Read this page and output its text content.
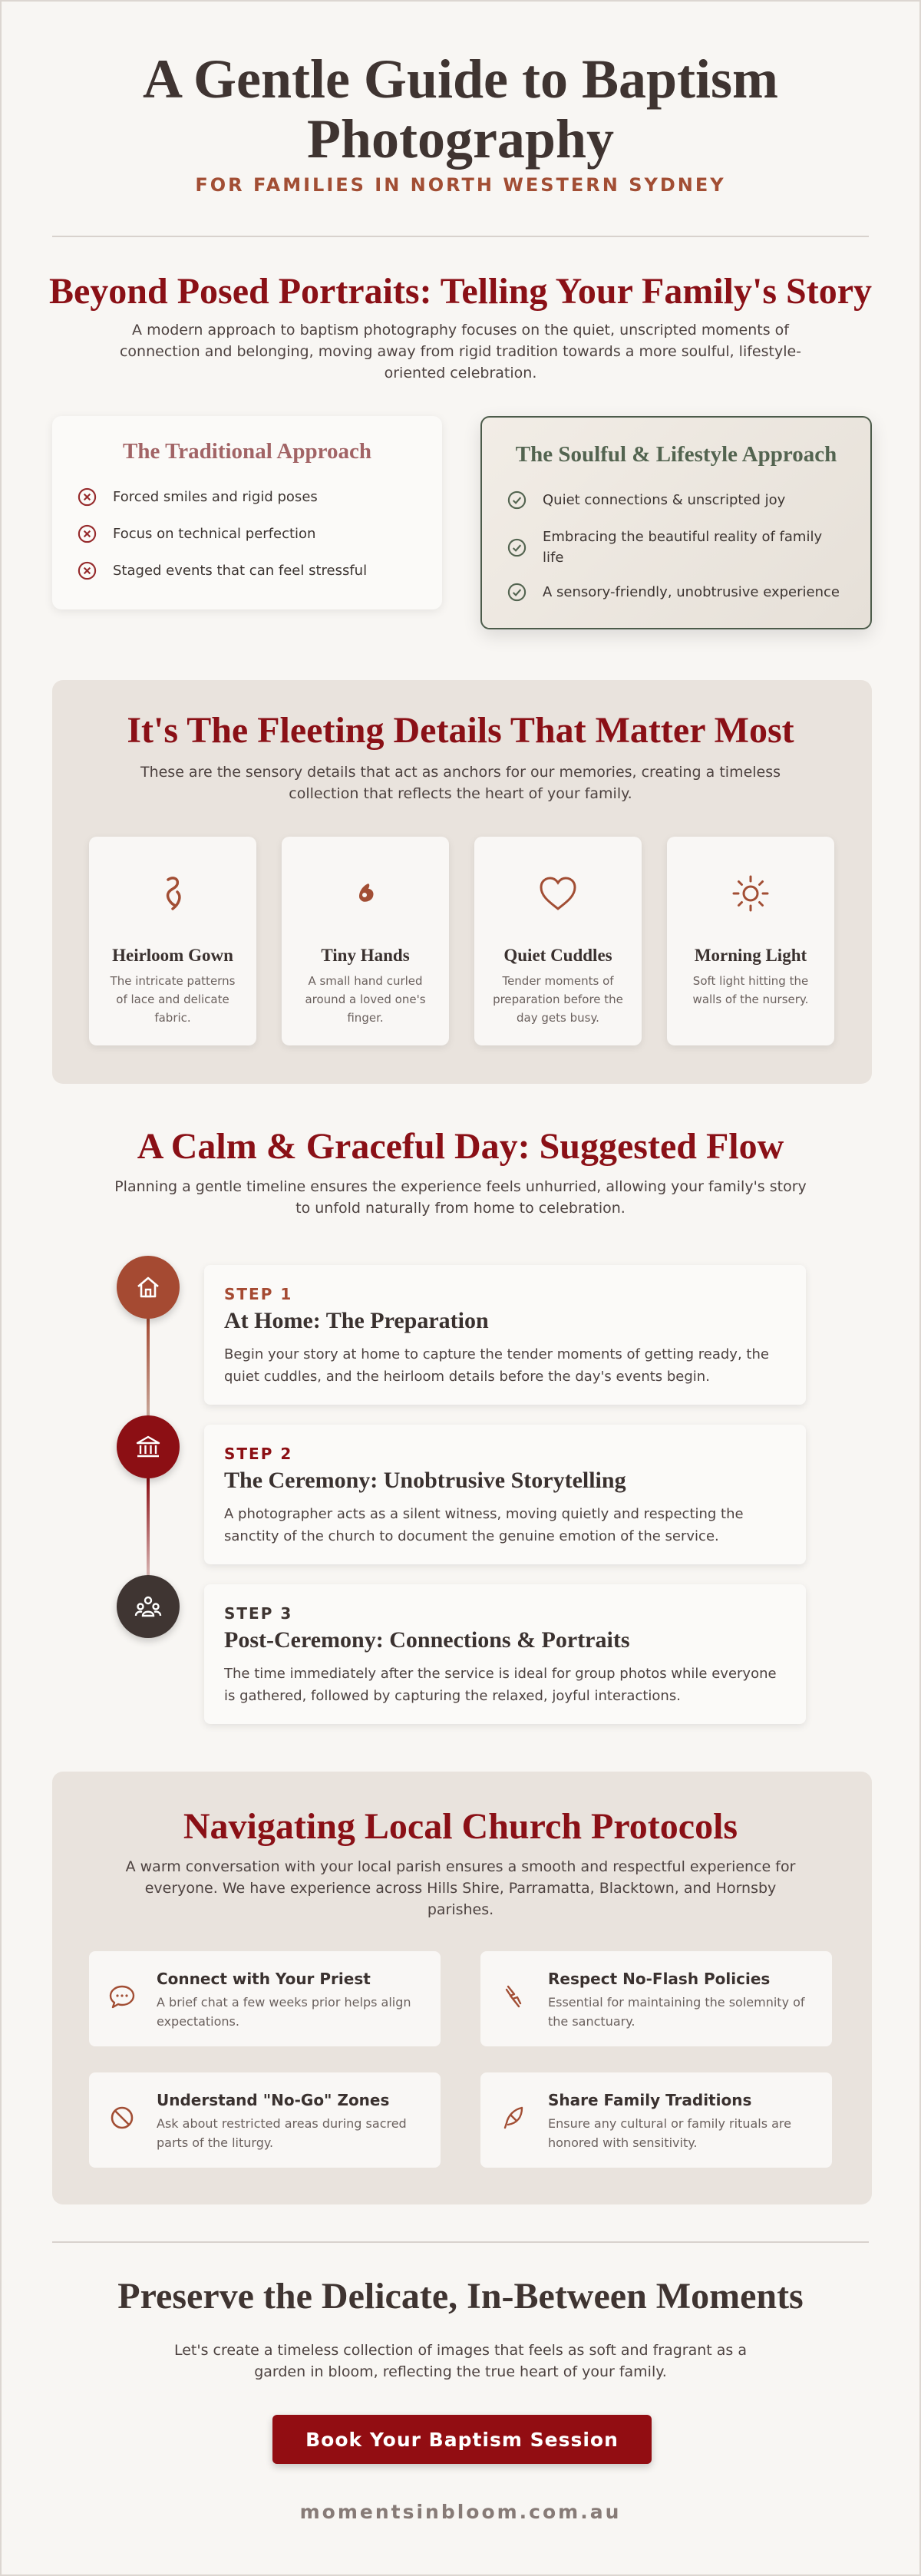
A Gentle Guide to Baptism
Photography
FOR FAMILIES IN NORTH WESTERN SYDNEY
Beyond Posed Portraits: Telling Your Family's Story

A modern approach to baptism photography focuses on the quiet, unscripted moments of connection and belonging, moving away from rigid tradition towards a more soulful, lifestyle-oriented celebration.

The Traditional Approach
Forced smiles and rigid poses
Focus on technical perfection
Staged events that can feel stressful
The Soulful & Lifestyle Approach
Quiet connections & unscripted joy
Embracing the beautiful reality of family life
A sensory-friendly, unobtrusive experience
It's The Fleeting Details That Matter Most

These are the sensory details that act as anchors for our memories, creating a timeless collection that reflects the heart of your family.

Heirloom Gown

The intricate patterns of lace and delicate fabric.

Tiny Hands

A small hand curled around a loved one's finger.

Quiet Cuddles

Tender moments of preparation before the day gets busy.

Morning Light

Soft light hitting the walls of the nursery.

A Calm & Graceful Day: Suggested Flow

Planning a gentle timeline ensures the experience feels unhurried, allowing your family's story to unfold naturally from home to celebration.

STEP 1
At Home: The Preparation

Begin your story at home to capture the tender moments of getting ready, the quiet cuddles, and the heirloom details before the day's events begin.

STEP 2
The Ceremony: Unobtrusive Storytelling

A photographer acts as a silent witness, moving quietly and respecting the sanctity of the church to document the genuine emotion of the service.

STEP 3
Post-Ceremony: Connections & Portraits

The time immediately after the service is ideal for group photos while everyone is gathered, followed by capturing the relaxed, joyful interactions.

Navigating Local Church Protocols

A warm conversation with your local parish ensures a smooth and respectful experience for everyone. We have experience across Hills Shire, Parramatta, Blacktown, and Hornsby parishes.

Connect with Your Priest

A brief chat a few weeks prior helps align expectations.

Respect No-Flash Policies

Essential for maintaining the solemnity of the sanctuary.

Understand "No-Go" Zones

Ask about restricted areas during sacred parts of the liturgy.

Share Family Traditions

Ensure any cultural or family rituals are honored with sensitivity.

Preserve the Delicate, In-Between Moments

Let's create a timeless collection of images that feels as soft and fragrant as a garden in bloom, reflecting the true heart of your family.

Book Your Baptism Session
momentsinbloom.com.au
